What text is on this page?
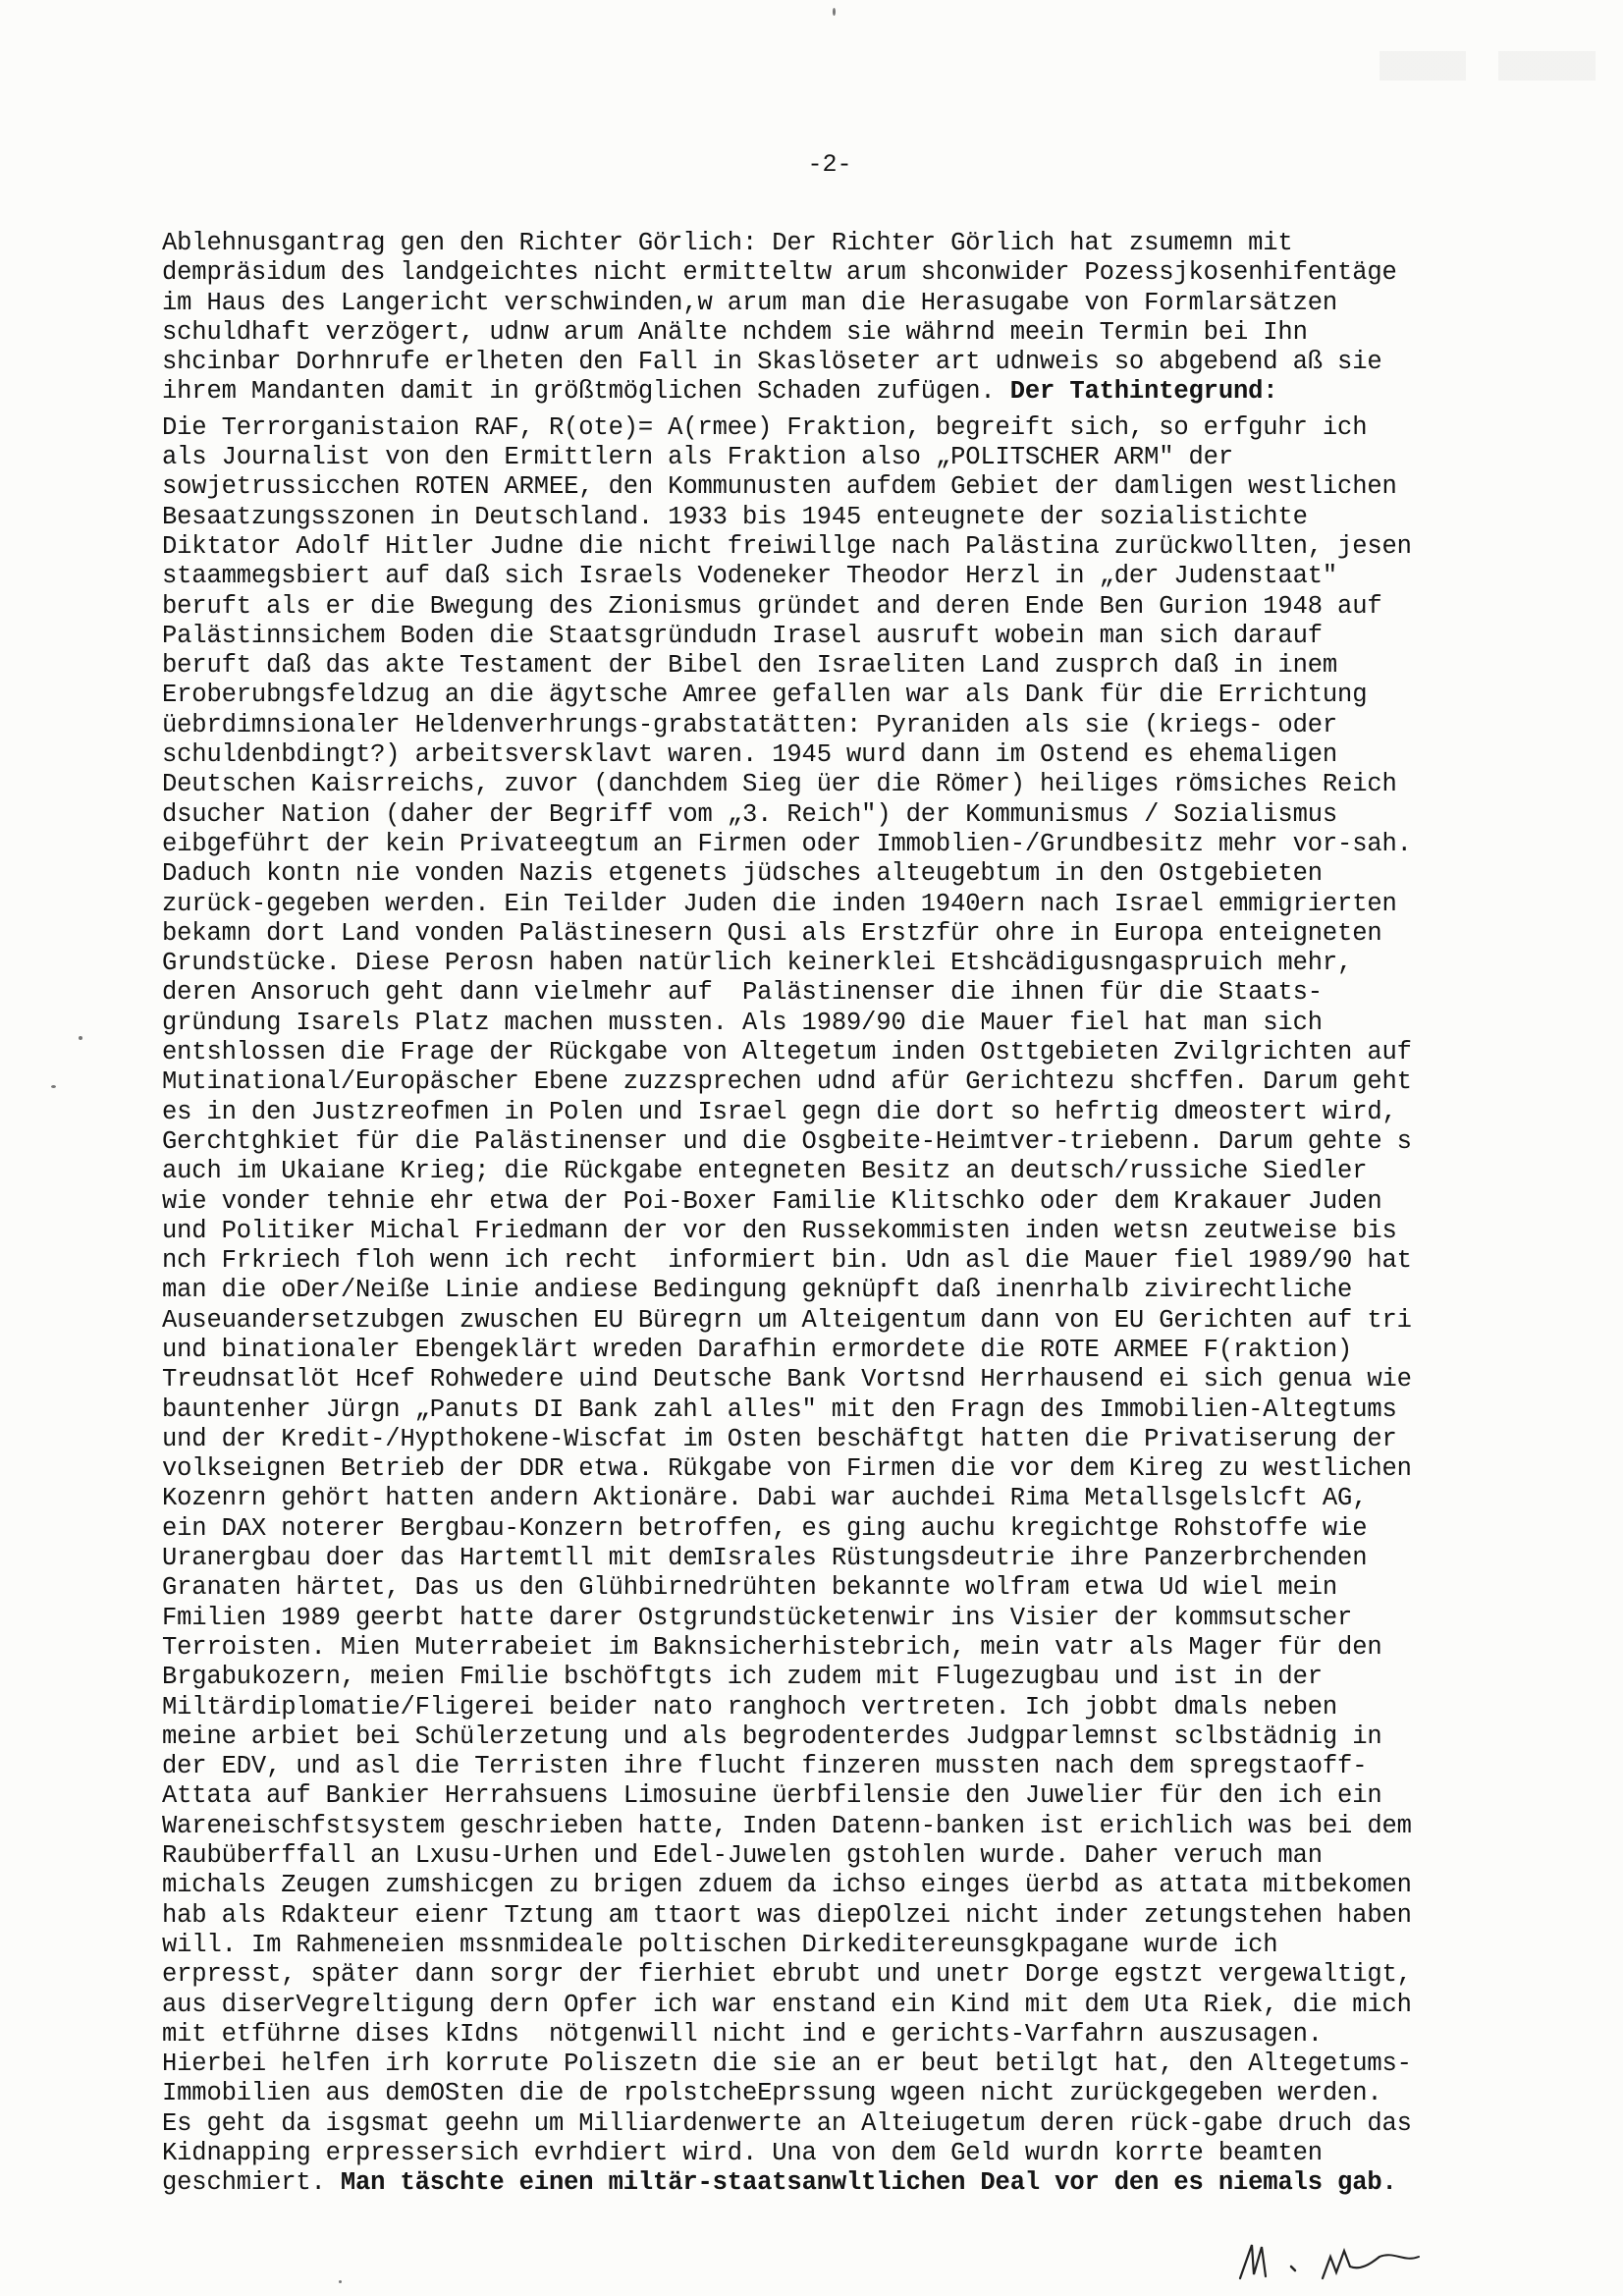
-2-
Ablehnusgantrag gen den Richter Görlich: Der Richter Görlich hat zsumemn mit
dempräsidum des landgeichtes nicht ermitteltw arum shconwider Pozessjkosenhifentäge
im Haus des Langericht verschwinden,w arum man die Herasugabe von Formlarsätzen
schuldhaft verzögert, udnw arum Anälte nchdem sie währnd meein Termin bei Ihn
shcinbar Dorhnrufe erlheten den Fall in Skaslöseter art udnweis so abgebend aß sie
ihrem Mandanten damit in größtmöglichen Schaden zufügen. Der Tathintegrund:
Die Terrorganistaion RAF, R(ote)= A(rmee) Fraktion, begreift sich, so erfguhr ich
als Journalist von den Ermittlern als Fraktion also „POLITSCHER ARM" der
sowjetrussicchen ROTEN ARMEE, den Kommunusten aufdem Gebiet der damligen westlichen
Besaatzungsszonen in Deutschland. 1933 bis 1945 enteugnete der sozialistichte
Diktator Adolf Hitler Judne die nicht freiwillge nach Palästina zurückwollten, jesen
staammegsbiert auf daß sich Israels Vodeneker Theodor Herzl in „der Judenstaat"
beruft als er die Bwegung des Zionismus gründet and deren Ende Ben Gurion 1948 auf
Palästinnsichem Boden die Staatsgründudn Irasel ausruft wobein man sich darauf
beruft daß das akte Testament der Bibel den Israeliten Land zusprch daß in inem
Eroberubngsfeldzug an die ägytsche Amree gefallen war als Dank für die Errichtung
üebrdimnsionaler Heldenverhrungs-grabstatätten: Pyraniden als sie (kriegs- oder
schuldenbdingt?) arbeitsversklavt waren. 1945 wurd dann im Ostend es ehemaligen
Deutschen Kaisrreichs, zuvor (danchdem Sieg üer die Römer) heiliges römsiches Reich
dsucher Nation (daher der Begriff vom „3. Reich") der Kommunismus / Sozialismus
eibgeführt der kein Privateegtum an Firmen oder Immoblien-/Grundbesitz mehr vor-sah.
Daduch kontn nie vonden Nazis etgenets jüdsches alteugebtum in den Ostgebieten
zurück-gegeben werden. Ein Teilder Juden die inden 1940ern nach Israel emmigrierten
bekamn dort Land vonden Palästinesern Qusi als Erstzfür ohre in Europa enteigneten
Grundstücke. Diese Perosn haben natürlich keinerklei Etshcädigusngaspruich mehr,
deren Ansoruch geht dann vielmehr auf  Palästinenser die ihnen für die Staats-
gründung Isarels Platz machen mussten. Als 1989/90 die Mauer fiel hat man sich
entshlossen die Frage der Rückgabe von Altegetum inden Osttgebieten Zvilgrichten auf
Mutinational/Europäscher Ebene zuzzsprechen udnd afür Gerichtezu shcffen. Darum geht
es in den Justzreofmen in Polen und Israel gegn die dort so hefrtig dmeostert wird,
Gerchtghkiet für die Palästinenser und die Osgbeite-Heimtver-triebenn. Darum gehte s
auch im Ukaiane Krieg; die Rückgabe entegneten Besitz an deutsch/russiche Siedler
wie vonder tehnie ehr etwa der Poi-Boxer Familie Klitschko oder dem Krakauer Juden
und Politiker Michal Friedmann der vor den Russekommisten inden wetsn zeutweise bis
nch Frkriech floh wenn ich recht  informiert bin. Udn asl die Mauer fiel 1989/90 hat
man die oDer/Neiße Linie andiese Bedingung geknüpft daß inenrhalb zivirechtliche
Auseuandersetzubgen zwuschen EU Büregrn um Alteigentum dann von EU Gerichten auf tri
und binationaler Ebengeklärt wreden Darafhin ermordete die ROTE ARMEE F(raktion)
Treudnsatlöt Hcef Rohwedere uind Deutsche Bank Vortsnd Herrhausend ei sich genua wie
bauntenher Jürgn „Panuts DI Bank zahl alles" mit den Fragn des Immobilien-Altegtums
und der Kredit-/Hypthokene-Wiscfat im Osten beschäftgt hatten die Privatiserung der
volkseignen Betrieb der DDR etwa. Rükgabe von Firmen die vor dem Kireg zu westlichen
Kozenrn gehört hatten andern Aktionäre. Dabi war auchdei Rima Metallsgelslcft AG,
ein DAX noterer Bergbau-Konzern betroffen, es ging auchu kregichtge Rohstoffe wie
Uranergbau doer das Hartemtll mit demIsrales Rüstungsdeutrie ihre Panzerbrchenden
Granaten härtet, Das us den Glühbirnedrühten bekannte wolfram etwa Ud wiel mein
Fmilien 1989 geerbt hatte darer Ostgrundstücketenwir ins Visier der kommsutscher
Terroisten. Mien Muterrabeiet im Baknsicherhistebrich, mein vatr als Mager für den
Brgabukozern, meien Fmilie bschöftgts ich zudem mit Flugezugbau und ist in der
Miltärdiplomatie/Fligerei beider nato ranghoch vertreten. Ich jobbt dmals neben
meine arbiet bei Schülerzetung und als begrodenterdes Judgparlemnst sclbstädnig in
der EDV, und asl die Terristen ihre flucht finzeren mussten nach dem spregstaoff-
Attata auf Bankier Herrahsuens Limosuine üerbfilensie den Juwelier für den ich ein
Wareneischfstsystem geschrieben hatte, Inden Datenn-banken ist erichlich was bei dem
Raubüberffall an Lxusu-Urhen und Edel-Juwelen gstohlen wurde. Daher veruch man
michals Zeugen zumshicgen zu brigen zduem da ichso einges üerbd as attata mitbekomen
hab als Rdakteur eienr Tztung am ttaort was diepOlzei nicht inder zetungstehen haben
will. Im Rahmeneien mssnmideale poltischen Dirkeditereunsgkpagane wurde ich
erpresst, später dann sorgr der fierhiet ebrubt und unetr Dorge egstzt vergewaltigt,
aus diserVegreltigung dern Opfer ich war enstand ein Kind mit dem Uta Riek, die mich
mit etführne dises kIdns  nötgenwill nicht ind e gerichts-Varfahrn auszusagen.
Hierbei helfen irh korrute Poliszetn die sie an er beut betilgt hat, den Altegetums-
Immobilien aus demOSten die de rpolstcheEprssung wgeen nicht zurückgegeben werden.
Es geht da isgsmat geehn um Milliardenwerte an Alteiugetum deren rück-gabe druch das
Kidnapping erpressersich evrhdiert wird. Una von dem Geld wurdn korrte beamten
geschmiert. Man täschte einen miltär-staatsanwltlichen Deal vor den es niemals gab.
